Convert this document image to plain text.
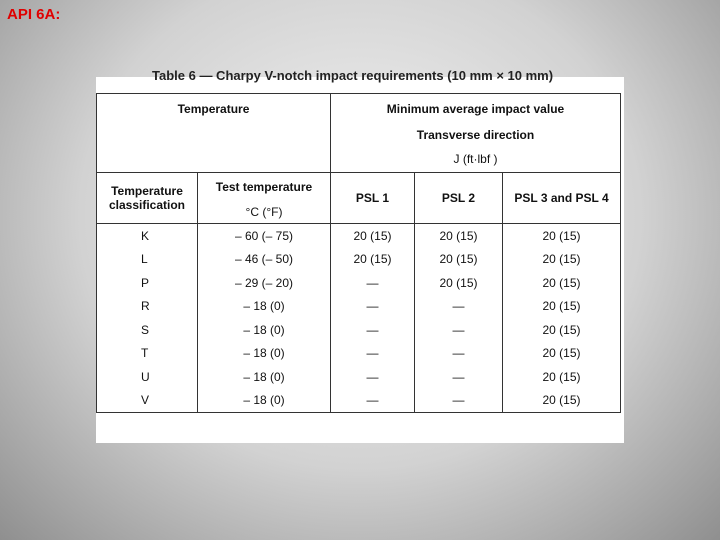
API 6A:
Table 6 — Charpy V-notch impact requirements (10 mm × 10 mm)
Temperature		Minimum average impact value		
		Transverse direction		
		J (ft·lbf )		
Temperature classification	Test temperature	PSL 1	PSL 2	PSL 3 and PSL 4
	°C (°F)			
K	– 60 (– 75)	20 (15)	20 (15)	20 (15)
L	– 46 (– 50)	20 (15)	20 (15)	20 (15)
P	– 29 (– 20)	—	20 (15)	20 (15)
R	– 18 (0)	—	—	20 (15)
S	– 18 (0)	—	—	20 (15)
T	– 18 (0)	—	—	20 (15)
U	– 18 (0)	—	—	20 (15)
V	– 18 (0)	—	—	20 (15)
